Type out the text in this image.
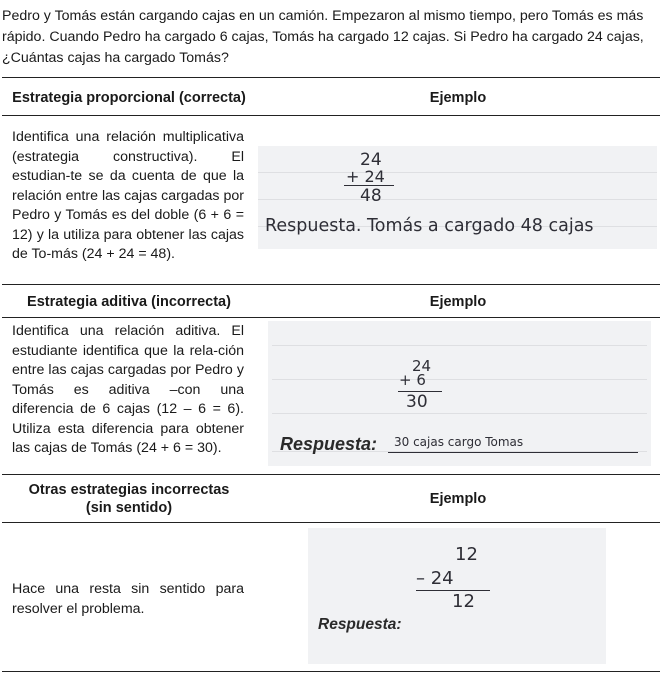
Pedro y Tomás están cargando cajas en un camión. Empezaron al mismo tiempo, pero Tomás es más rápido. Cuando Pedro ha cargado 6 cajas, Tomás ha cargado 12 cajas. Si Pedro ha cargado 24 cajas, ¿Cuántas cajas ha cargado Tomás?
Estrategia proporcional (correcta)	Ejemplo
Identifica una relación multiplicativa (estrategia constructiva). El estudian-te se da cuenta de que la relación entre las cajas cargadas por Pedro y Tomás es del doble (6 + 6 = 12) y la utiliza para obtener las cajas de To-más (24 + 24 = 48).
24
+ 24
48
Respuesta. Tomás a cargado 48 cajas
Estrategia aditiva (incorrecta)	Ejemplo
Identifica una relación aditiva. El estudiante identifica que la rela-ción entre las cajas cargadas por Pedro y Tomás es aditiva –con una diferencia de 6 cajas (12 – 6 = 6). Utiliza esta diferencia para obtener las cajas de Tomás (24 + 6 = 30).
24
+ 6
30
Respuesta: 30 cajas cargo Tomas
Otras estrategias incorrectas
(sin sentido)
Ejemplo
Hace una resta sin sentido para resolver el problema.
12
– 24
12
Respuesta:
